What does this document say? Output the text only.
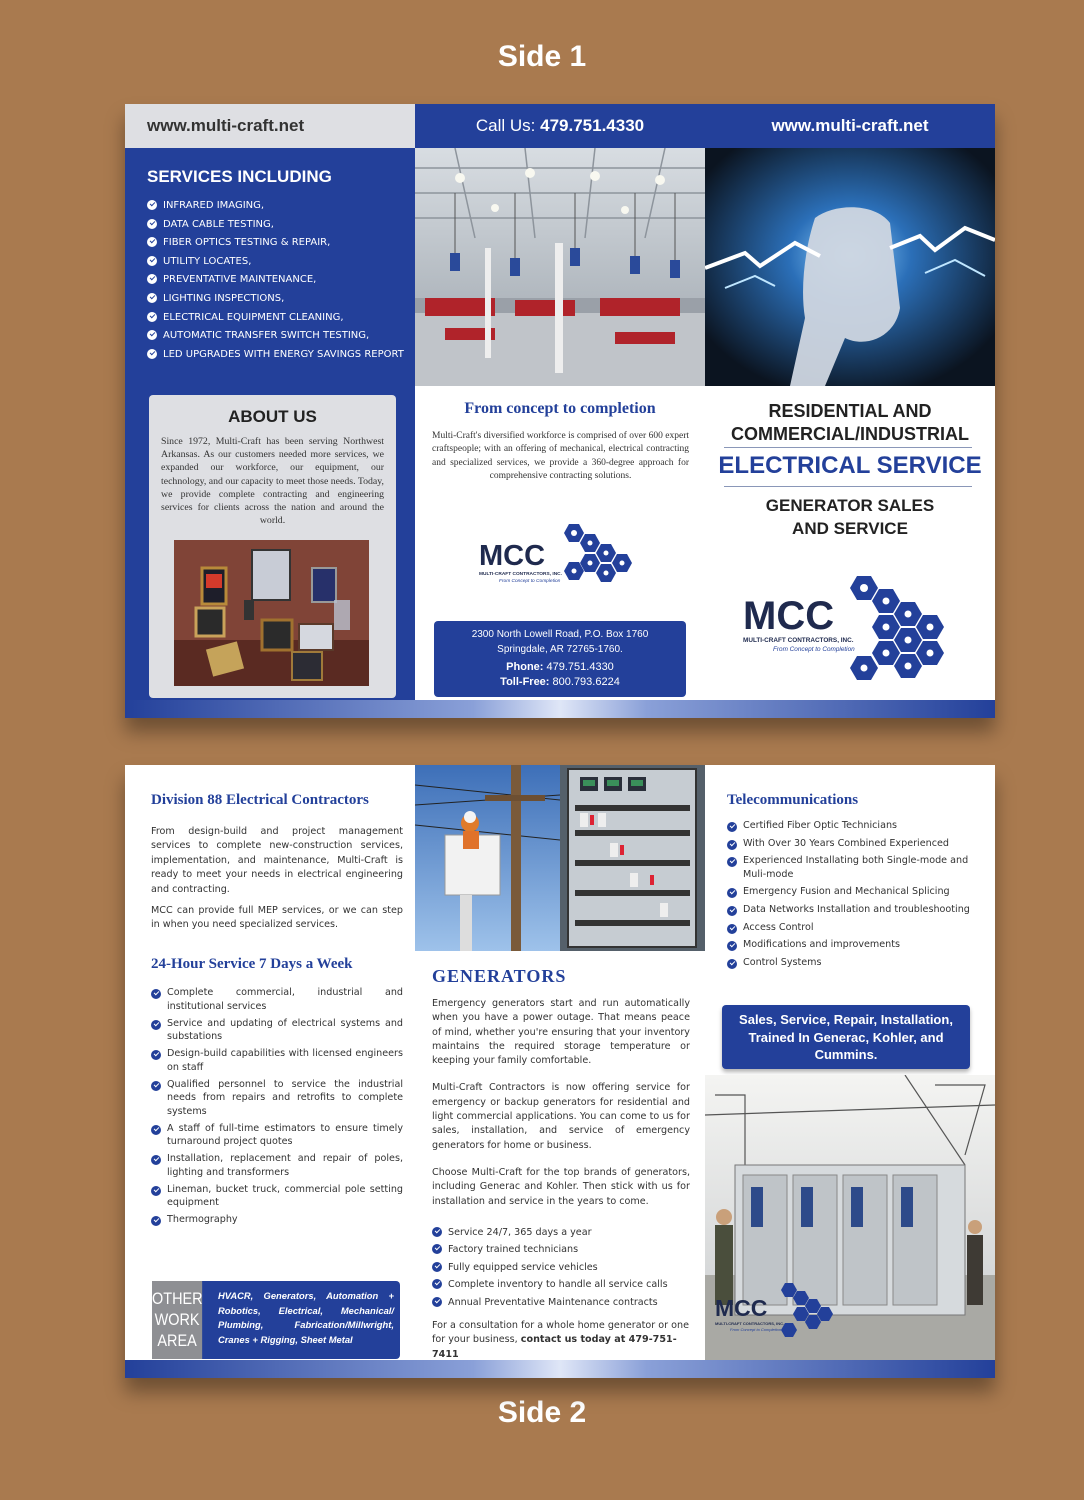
Side 1
Side 2
www.multi-craft.net
SERVICES INCLUDING
INFRARED IMAGING,
DATA CABLE TESTING,
FIBER OPTICS TESTING & REPAIR,
UTILITY LOCATES,
PREVENTATIVE MAINTENANCE,
LIGHTING INSPECTIONS,
ELECTRICAL EQUIPMENT CLEANING,
AUTOMATIC TRANSFER SWITCH TESTING,
LED UPGRADES WITH ENERGY SAVINGS REPORT
ABOUT US
Since 1972, Multi-Craft has been serving Northwest Arkansas. As our customers needed more services, we expanded our workforce, our equipment, our technology, and our capacity to meet those needs. Today, we provide complete contracting and engineering services for clients across the nation and around the world.
Call Us:
479.751.4330
From concept to completion
Multi-Craft's diversified workforce is comprised of over 600 expert craftspeople; with an offering of mechanical, electrical contracting and specialized services, we provide a 360-degree approach for comprehensive contracting solutions.
MCC
MULTI-CRAFT CONTRACTORS, INC.
From Concept to Completion
2300 North Lowell Road, P.O. Box 1760
Springdale, AR 72765-1760.
Phone: 479.751.4330
Toll-Free: 800.793.6224
www.multi-craft.net
RESIDENTIAL AND
COMMERCIAL/INDUSTRIAL
ELECTRICAL SERVICE
GENERATOR SALES
AND SERVICE
MCC
MULTI-CRAFT CONTRACTORS, INC.
From Concept to Completion
Division 88 Electrical Contractors

From design-build and project management services to complete new-construction services, implementation, and maintenance, Multi-Craft is ready to meet your needs in electrical engineering and contracting.

MCC can provide full MEP services, or we can step in when you need specialized services.

24-Hour Service 7 Days a Week
Complete commercial, industrial and institutional services
Service and updating of electrical systems and substations
Design-build capabilities with licensed engineers on staff
Qualified personnel to service the industrial needs from repairs and retrofits to complete systems
A staff of full-time estimators to ensure timely turnaround project quotes
Installation, replacement and repair of poles, lighting and transformers
Lineman, bucket truck, commercial pole setting equipment
Thermography
OTHER
WORK
AREA
HVACR, Generators, Automation + Robotics, Electrical, Mechanical/ Plumbing, Fabrication/Millwright, Cranes + Rigging, Sheet Metal
GENERATORS

Emergency generators start and run automatically when you have a power outage. That means peace of mind, whether you're ensuring that your inventory maintains the required storage temperature or keeping your family comfortable.

Multi-Craft Contractors is now offering service for emergency or backup generators for residential and light commercial applications. You can come to us for sales, installation, and service of emergency generators for home or business.

Choose Multi-Craft for the top brands of generators, including Generac and Kohler. Then stick with us for installation and service in the years to come.

Service 24/7, 365 days a year
Factory trained technicians
Fully equipped service vehicles
Complete inventory to handle all service calls
Annual Preventative Maintenance contracts
For a consultation for a whole home generator or one for your business, contact us today at 479-751-7411
Telecommunications
Certified Fiber Optic Technicians
With Over 30 Years Combined Experienced
Experienced Installating both Single-mode and Muli-mode
Emergency Fusion and Mechanical Splicing
Data Networks Installation and troubleshooting
Access Control
Modifications and improvements
Control Systems
Sales, Service, Repair, Installation, Trained In Generac, Kohler, and Cummins.
MCC
MULTI-CRAFT CONTRACTORS, INC.
From Concept to Completion
